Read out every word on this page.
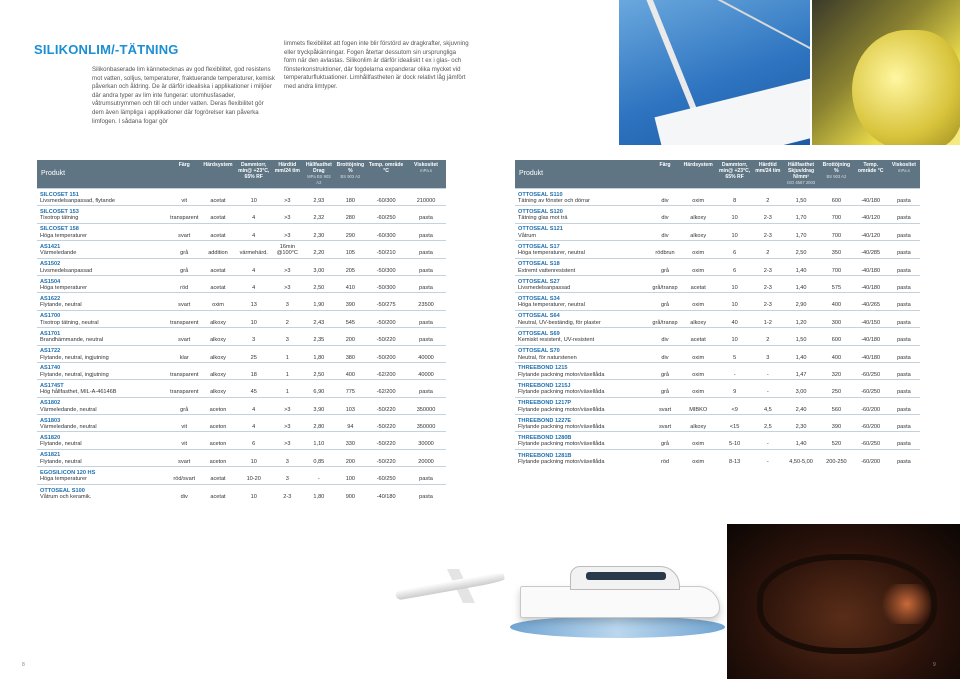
SILIKONLIM/-TÄTNING
Silikonbaserade lim kännetecknas av god flexibilitet, god resistens mot vatten, solljus, temperaturer, fraktuerande temperaturer, kemisk påverkan och åldring. De är därför idealiska i applikationer i miljöer där andra typer av lim inte fungerar: utomhusfasader, våtrumsutrymmen och till och under vatten. Deras flexibilitet gör dem även lämpliga i applikationer där fogrörelser kan påverka limfogen. I sådana fogar gör
limmets flexibilitet att fogen inte blir förstörd av dragkrafter, skjuvning eller tryckpåkänningar. Fogen återtar dessutom sin ursprungliga form när den avlastas. Silikonlim är därför idealiskt t ex i glas- och fönsterkonstruktioner, där fogdelarna expanderar olika mycket vid temperaturfluktuationer. Limhållfastheten är dock relativt låg jämfört med andra limtyper.
Produkt	Färg	Härdsystem	Dammtorr, min@ +23°C, 65% RF	Härdtid mm/24 tim	Hållfasthet Drag
MPa BS 903 A2	Brottöjning %
BS 903 A2	Temp. område °C	Viskositet
mPa.s

SILCOSET 151
Livsmedelsanpassad, flytande	vit	acetat	10	>3	2,93	180	-60/300	210000

SILCOSET 153
Tixotrop tätning	transparent	acetat	4	>3	2,32	280	-60/250	pasta

SILCOSET 158
Höga temperaturer	svart	acetat	4	>3	2,30	290	-60/300	pasta

AS1421
Värmeledande	grå	addition	värmehärd.	16min @100°C	2,20	105	-50/210	pasta

AS1502
Livsmedelsanpassad	grå	acetat	4	>3	3,00	205	-50/300	pasta

AS1504
Höga temperaturer	röd	acetat	4	>3	2,50	410	-50/300	pasta

AS1622
Flytande, neutral	svart	oxim	13	3	1,90	390	-50/275	23500

AS1700
Tixotrop tätning, neutral	transparent	alkoxy	10	2	2,43	545	-50/200	pasta

AS1701
Brandhämmande, neutral	svart	alkoxy	3	3	2,35	200	-50/220	pasta

AS1722
Flytande, neutral, ingjutning	klar	alkoxy	25	1	1,80	380	-50/200	40000

AS1740
Flytande, neutral, ingjutning	transparent	alkoxy	18	1	2,50	400	-62/200	40000

AS1745T
Hög hållfasthet, MIL-A-46146B	transparent	alkoxy	45	1	6,90	775	-62/200	pasta

AS1802
Värmeledande, neutral	grå	aceton	4	>3	3,90	103	-50/220	350000

AS1803
Värmeledande, neutral	vit	aceton	4	>3	2,80	94	-50/220	350000

AS1820
Flytande, neutral	vit	aceton	6	>3	1,10	330	-50/220	30000

AS1821
Flytande, neutral	svart	aceton	10	3	0,85	200	-50/220	20000

EGOSILICON 120 HS
Höga temperaturer	röd/svart	acetat	10-20	3	-	100	-60/250	pasta

OTTOSEAL S100
Våtrum och keramik.	div	acetat	10	2-3	1,80	900	-40/180	pasta
Produkt	Färg	Härdsystem	Dammtorr, min@ +23°C, 65% RF	Härdtid mm/24 tim	Hållfasthet Skjuv/drag N/mm²
ISO 4587 2003	Brottöjning %
BS 903 A2	Temp. område °C	Viskositet
mPa.s

OTTOSEAL S110
Tätning av fönster och dörrar	div	oxim	8	2	1,50	600	-40/180	pasta

OTTOSEAL S120
Tätning glas mot trä	div	alkoxy	10	2-3	1,70	700	-40/120	pasta

OTTOSEAL S121
Våtrum	div	alkoxy	10	2-3	1,70	700	-40/120	pasta

OTTOSEAL S17
Höga temperaturer, neutral	rödbrun	oxim	6	2	2,50	350	-40/285	pasta

OTTOSEAL S18
Extremt vattenresistent	grå	oxim	6	2-3	1,40	700	-40/180	pasta

OTTOSEAL S27
Livsmedelsanpassad	grå/transp	acetat	10	2-3	1,40	575	-40/180	pasta

OTTOSEAL S34
Höga temperaturer, neutral	grå	oxim	10	2-3	2,90	400	-40/265	pasta

OTTOSEAL S64
Neutral, UV-beständig, för plaster	grå/transp	alkoxy	40	1-2	1,20	300	-40/150	pasta

OTTOSEAL S69
Kemiskt resistent, UV-resistent	div	acetat	10	2	1,50	600	-40/180	pasta

OTTOSEAL S70
Neutral, för naturstenen	div	oxim	5	3	1,40	400	-40/180	pasta

THREEBOND 1215
Flytande packning motor/växellåda	grå	oxim	-	-	1,47	320	-60/250	pasta

THREEBOND 1215J
Flytande packning motor/växellåda	grå	oxim	9	-	3,00	250	-60/250	pasta

THREEBOND 1217P
Flytande packning motor/växellåda	svart	MIBKO	<9	4,5	2,40	560	-60/200	pasta

THREEBOND 1227E
Flytande packning motor/växellåda	svart	alkoxy	<15	2,5	2,30	390	-60/200	pasta

THREEBOND 1280B
Flytande packning motor/växellåda	grå	oxim	5-10	-	1,40	520	-60/250	pasta

THREEBOND 1281B
Flytande packning motor/växellåda	röd	oxim	8-13	-	4,50-5,00	200-250	-60/200	pasta
8	9
